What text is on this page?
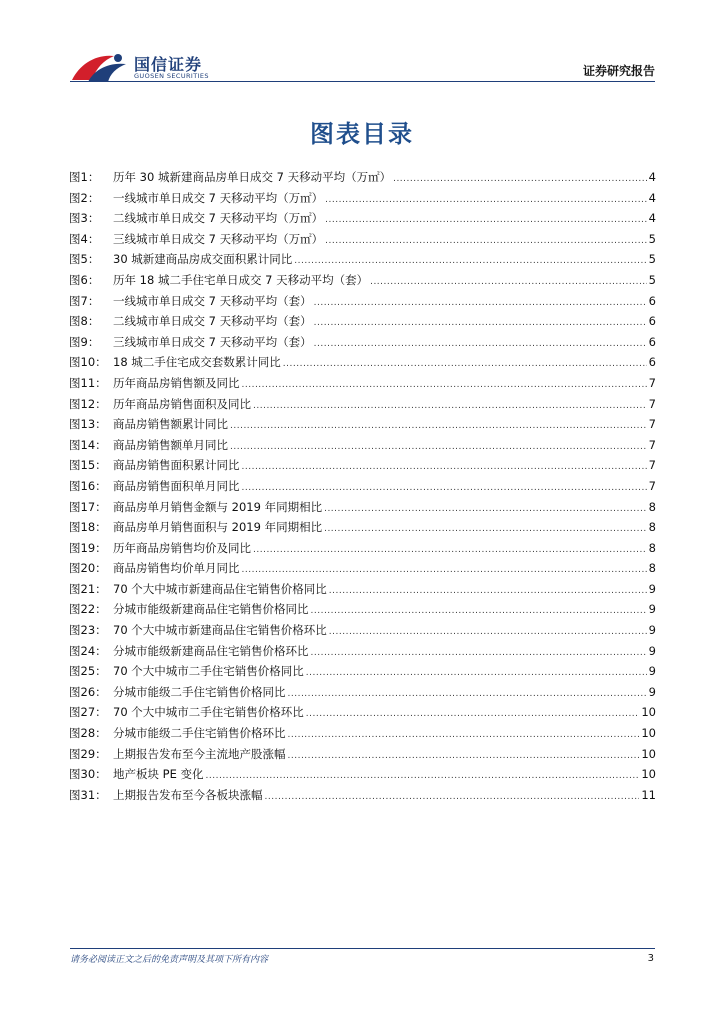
国信证券
GUOSEN SECURITIES	证券研究报告
图表目录
图1：	历年 30 城新建商品房单日成交 7 天移动平均（万㎡） .....	4
图2：	一线城市单日成交 7 天移动平均（万㎡） .....	4
图3：	二线城市单日成交 7 天移动平均（万㎡） .....	4
图4：	三线城市单日成交 7 天移动平均（万㎡） .....	5
图5：	30 城新建商品房成交面积累计同比 .....	5
图6：	历年 18 城二手住宅单日成交 7 天移动平均（套） .....	5
图7：	一线城市单日成交 7 天移动平均（套） .....	6
图8：	二线城市单日成交 7 天移动平均（套） .....	6
图9：	三线城市单日成交 7 天移动平均（套） .....	6
图10： 18 城二手住宅成交套数累计同比 .....	6
图11： 历年商品房销售额及同比 .....	7
图12： 历年商品房销售面积及同比 .....	7
图13： 商品房销售额累计同比 .....	7
图14： 商品房销售额单月同比 .....	7
图15： 商品房销售面积累计同比 .....	7
图16： 商品房销售面积单月同比 .....	7
图17： 商品房单月销售金额与 2019 年同期相比 .....	8
图18： 商品房单月销售面积与 2019 年同期相比 .....	8
图19： 历年商品房销售均价及同比 .....	8
图20： 商品房销售均价单月同比 .....	8
图21： 70 个大中城市新建商品住宅销售价格同比 .....	9
图22： 分城市能级新建商品住宅销售价格同比 .....	9
图23： 70 个大中城市新建商品住宅销售价格环比 .....	9
图24： 分城市能级新建商品住宅销售价格环比 .....	9
图25： 70 个大中城市二手住宅销售价格同比 .....	9
图26： 分城市能级二手住宅销售价格同比 .....	9
图27： 70 个大中城市二手住宅销售价格环比 .....	10
图28： 分城市能级二手住宅销售价格环比 .....	10
图29： 上期报告发布至今主流地产股涨幅 .....	10
图30： 地产板块 PE 变化 .....	10
图31： 上期报告发布至今各板块涨幅 .....	11
请务必阅读正文之后的免责声明及其项下所有内容	3
